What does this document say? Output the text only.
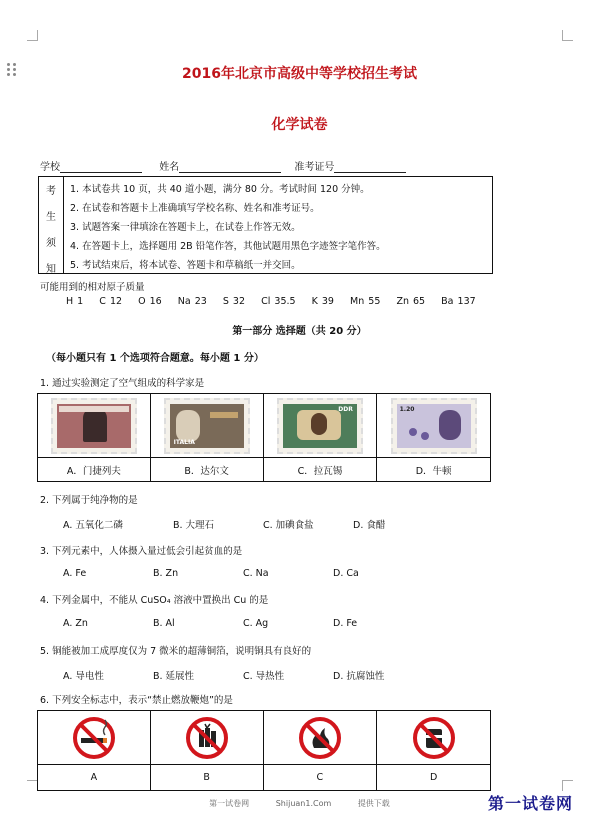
2016年北京市高级中等学校招生考试
化学试卷
学校	姓名	准考证号
考
生
须
知
1. 本试卷共 10 页，共 40 道小题，满分 80 分。考试时间 120 分钟。
2. 在试卷和答题卡上准确填写学校名称、姓名和准考证号。
3. 试题答案一律填涂在答题卡上，在试卷上作答无效。
4. 在答题卡上，选择题用 2B 铅笔作答，其他试题用黑色字迹签字笔作答。
5. 考试结束后，将本试卷、答题卡和草稿纸一并交回。
可能用到的相对原子质量
H 1    C 12    O 16    Na 23    S 32    Cl 35.5    K 39    Mn 55    Zn 65    Ba 137
第一部分 选择题（共 20 分）
（每小题只有 1 个选项符合题意。每小题 1 分）
1. 通过实验测定了空气组成的科学家是

	ITALIA	DDR	1.20

A．门捷列夫	B．达尔文	C．拉瓦锡	D．牛顿
2. 下列属于纯净物的是
A. 五氧化二磷	B. 大理石	C. 加碘食盐	D. 食醋
3. 下列元素中，人体摄入量过低会引起贫血的是
A. Fe	B. Zn	C. Na	D. Ca
4. 下列金属中，不能从 CuSO₄ 溶液中置换出 Cu 的是
A. Zn	B. Al	C. Ag	D. Fe
5. 铜能被加工成厚度仅为 7 微米的超薄铜箔，说明铜具有良好的
A. 导电性	B. 延展性	C. 导热性	D. 抗腐蚀性
6. 下列安全标志中，表示“禁止燃放鞭炮”的是

A	B	C	D
第一试卷网	Shijuan1.Com	提供下载	第一试卷网
